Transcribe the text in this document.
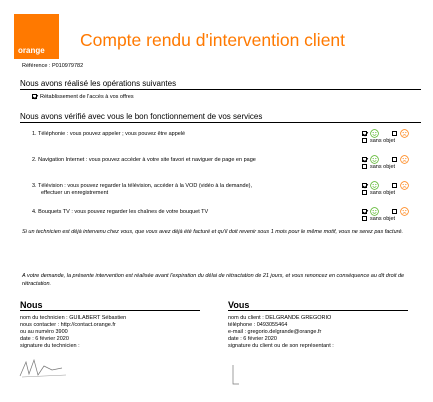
orange
Compte rendu d'intervention client
Référence : P010979782
Nous avons réalisé les opérations suivantes
Rétablissement de l'accès à vos offres
Nous avons vérifié avec vous le bon fonctionnement de vos services
1. Téléphonie : vous pouvez appeler ; vous pouvez être appelé
2. Navigation Internet : vous pouvez accéder à votre site favori et naviguer de page en page
3. Télévision : vous pouvez regarder la télévision, accéder à la VOD (vidéo à la demande),
effectuer un enregistrement
4. Bouquets TV : vous pouvez regarder les chaînes de votre bouquet TV
sans objet
sans objet
sans objet
sans objet
Si un technicien est déjà intervenu chez vous, que vous avez déjà été facturé et qu'il doit revenir sous 1 mois pour le même motif, vous ne serez pas facturé.
A votre demande, la présente intervention est réalisée avant l'expiration du délai de rétractation de 21 jours, et vous renoncez en conséquence au dit droit de rétractation.
Nous
nom du technicien : GUILABERT Sébastien
nous contacter : http://contact.orange.fr
ou au numéro 3900
date : 6 février 2020
signature du technicien :
Vous
nom du client : DELGRANDE GREGORIO
téléphone : 0493055464
e-mail : gregorio.delgrande@orange.fr
date : 6 février 2020
signature du client ou de son représentant :
